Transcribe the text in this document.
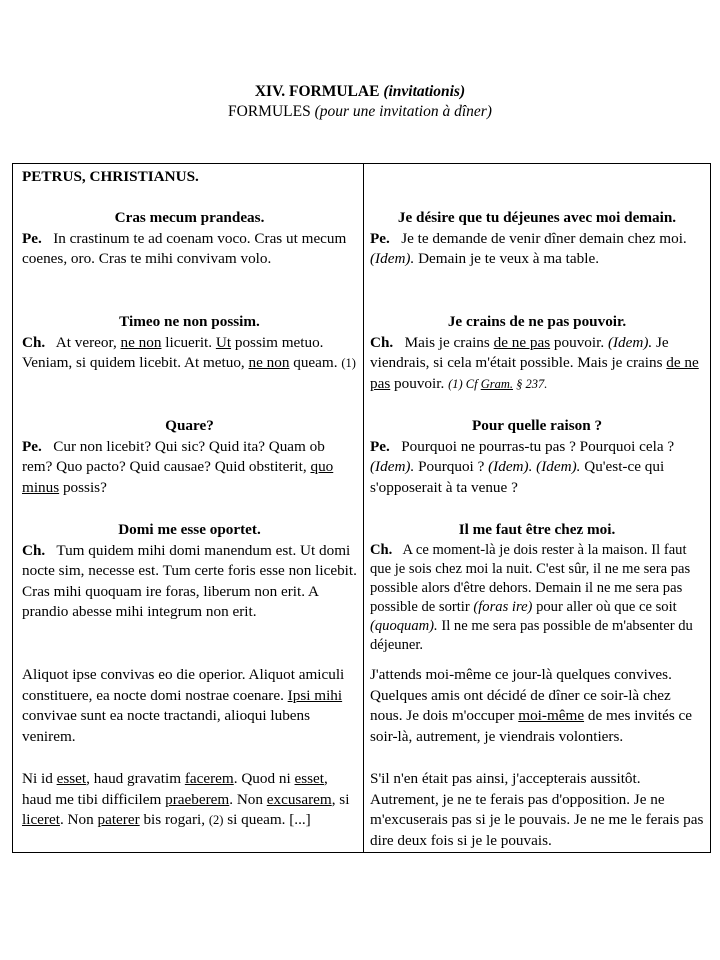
XIV. FORMULAE (invitationis)
FORMULES (pour une invitation à dîner)
PETRUS, CHRISTIANUS.
Cras mecum prandeas.
Pe. In crastinum te ad coenam voco. Cras ut mecum coenes, oro. Cras te mihi convivam volo.
Timeo ne non possim.
Ch. At vereor, ne non licuerit. Ut possim metuo. Veniam, si quidem licebit. At metuo, ne non queam. (1)
Quare?
Pe. Cur non licebit? Qui sic? Quid ita? Quam ob rem? Quo pacto? Quid causae? Quid obstiterit, quo minus possis?
Domi me esse oportet.
Ch. Tum quidem mihi domi manendum est. Ut domi nocte sim, necesse est. Tum certe foris esse non licebit. Cras mihi quoquam ire foras, liberum non erit. A prandio abesse mihi integrum non erit.
Aliquot ipse convivas eo die operior. Aliquot amiculi constituere, ea nocte domi nostrae coenare. Ipsi mihi convivae sunt ea nocte tractandi, alioqui lubens venirem.
Ni id esset, haud gravatim facerem. Quod ni esset, haud me tibi difficilem praeberem. Non excusarem, si liceret. Non paterer bis rogari, (2) si queam. [...]
Je désire que tu déjeunes avec moi demain.
Pe. Je te demande de venir dîner demain chez moi. (Idem). Demain je te veux à ma table.
Je crains de ne pas pouvoir.
Ch. Mais je crains de ne pas pouvoir. (Idem). Je viendrais, si cela m'était possible. Mais je crains de ne pas pouvoir. (1) Cf Gram. § 237.
Pour quelle raison ?
Pe. Pourquoi ne pourras-tu pas ? Pourquoi cela ? (Idem). Pourquoi ? (Idem). (Idem). Qu'est-ce qui s'opposerait à ta venue ?
Il me faut être chez moi.
Ch. A ce moment-là je dois rester à la maison. Il faut que je sois chez moi la nuit. C'est sûr, il ne me sera pas possible alors d'être dehors. Demain il ne me sera pas possible de sortir (foras ire) pour aller où que ce soit (quoquam). Il ne me sera pas possible de m'absenter du déjeuner.
J'attends moi-même ce jour-là quelques convives. Quelques amis ont décidé de dîner ce soir-là chez nous. Je dois m'occuper moi-même de mes invités ce soir-là, autrement, je viendrais volontiers.
S'il n'en était pas ainsi, j'accepterais aussitôt. Autrement, je ne te ferais pas d'opposition. Je ne m'excuserais pas si je le pouvais. Je ne me le ferais pas dire deux fois si je le pouvais.
